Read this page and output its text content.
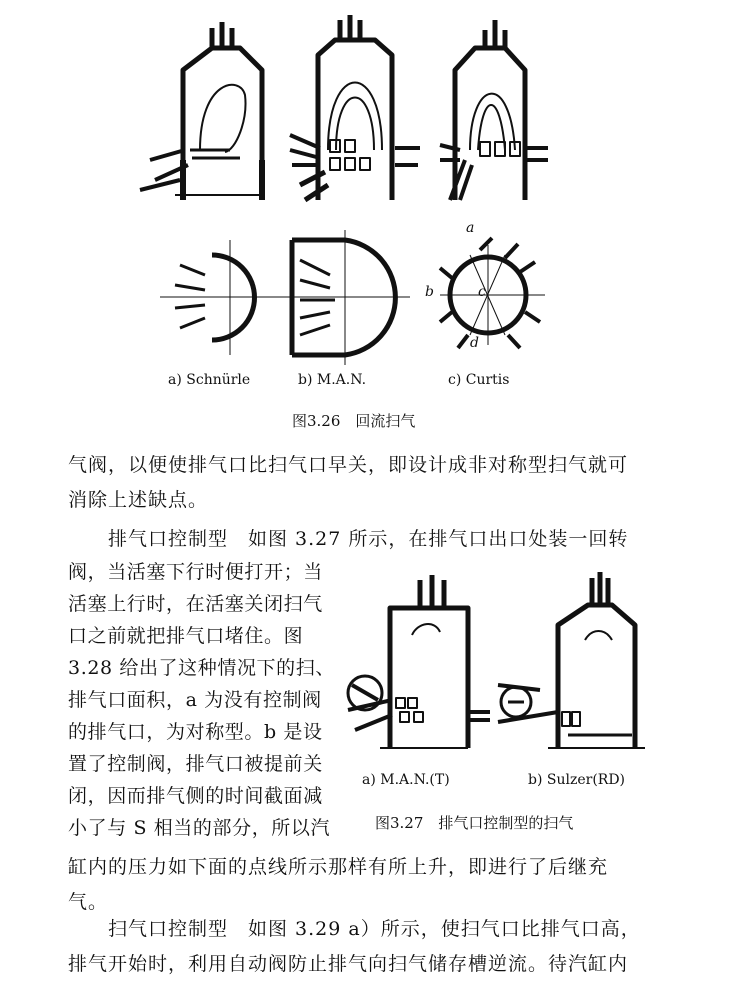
a
b	c
d
a) Schnürle	b) M.A.N.	c) Curtis
图3.26　回流扫气
气阀，以便使排气口比扫气口早关，即设计成非对称型扫气就可
消除上述缺点。
　　排气口控制型　如图 3.27 所示，在排气口出口处装一回转
阀，当活塞下行时便打开；当
活塞上行时，在活塞关闭扫气
口之前就把排气口堵住。图
3.28 给出了这种情况下的扫、
排气口面积，a 为没有控制阀
的排气口，为对称型。b 是设
置了控制阀，排气口被提前关
闭，因而排气侧的时间截面减
小了与 S 相当的部分，所以汽
a) M.A.N.(T)	b) Sulzer(RD)
图3.27　排气口控制型的扫气
缸内的压力如下面的点线所示那样有所上升，即进行了后继充
气。
　　扫气口控制型　如图 3.29 a）所示，使扫气口比排气口高，
排气开始时，利用自动阀防止排气向扫气储存槽逆流。待汽缸内
